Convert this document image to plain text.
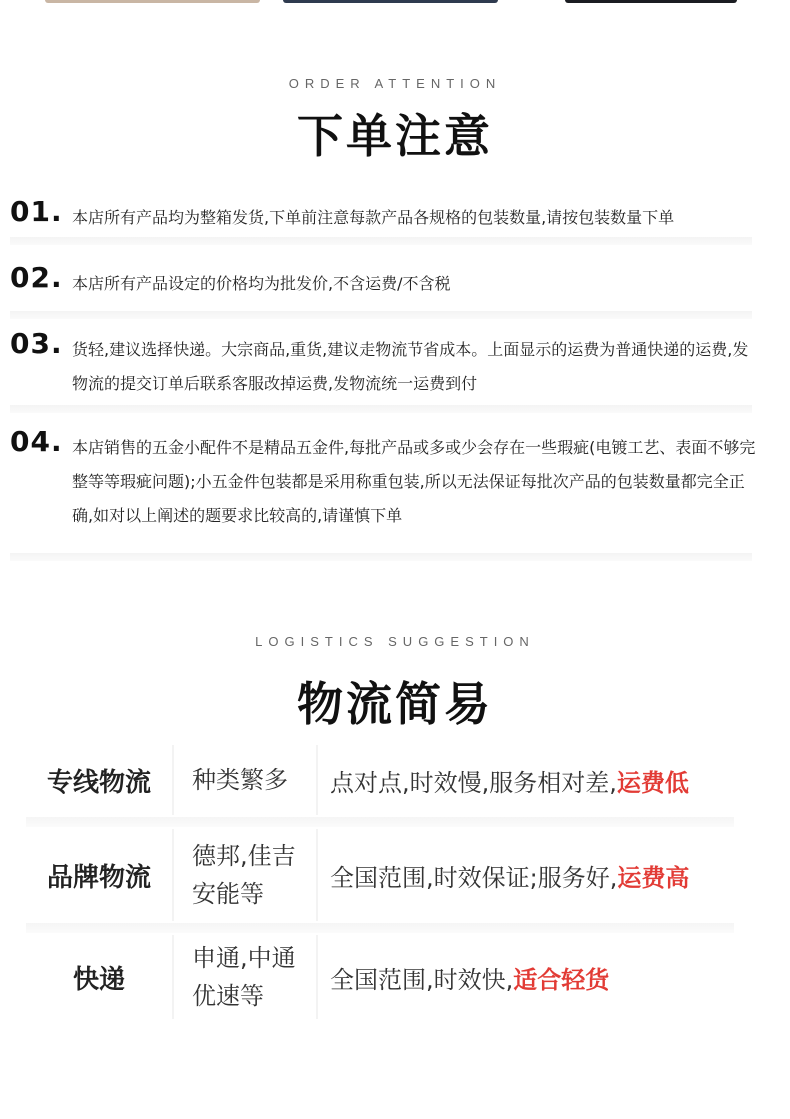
ORDER ATTENTION
下单注意
01. 本店所有产品均为整箱发货,下单前注意每款产品各规格的包装数量,请按包装数量下单
02. 本店所有产品设定的价格均为批发价,不含运费/不含税
03. 货轻,建议选择快递。大宗商品,重货,建议走物流节省成本。上面显示的运费为普通快递的运费,发物流的提交订单后联系客服改掉运费,发物流统一运费到付
04. 本店销售的五金小配件不是精品五金件,每批产品或多或少会存在一些瑕疵(电镀工艺、表面不够完整等等瑕疵问题);小五金件包装都是采用称重包装,所以无法保证每批次产品的包装数量都完全正确,如对以上阐述的题要求比较高的,请谨慎下单
LOGISTICS SUGGESTION
物流简易
专线物流	种类繁多	点对点,时效慢,服务相对差, 运费低
品牌物流
德邦,佳吉安能等
全国范围,时效保证;服务好, 运费高
快递
申通,中通优速等
全国范围,时效快, 适合轻货
